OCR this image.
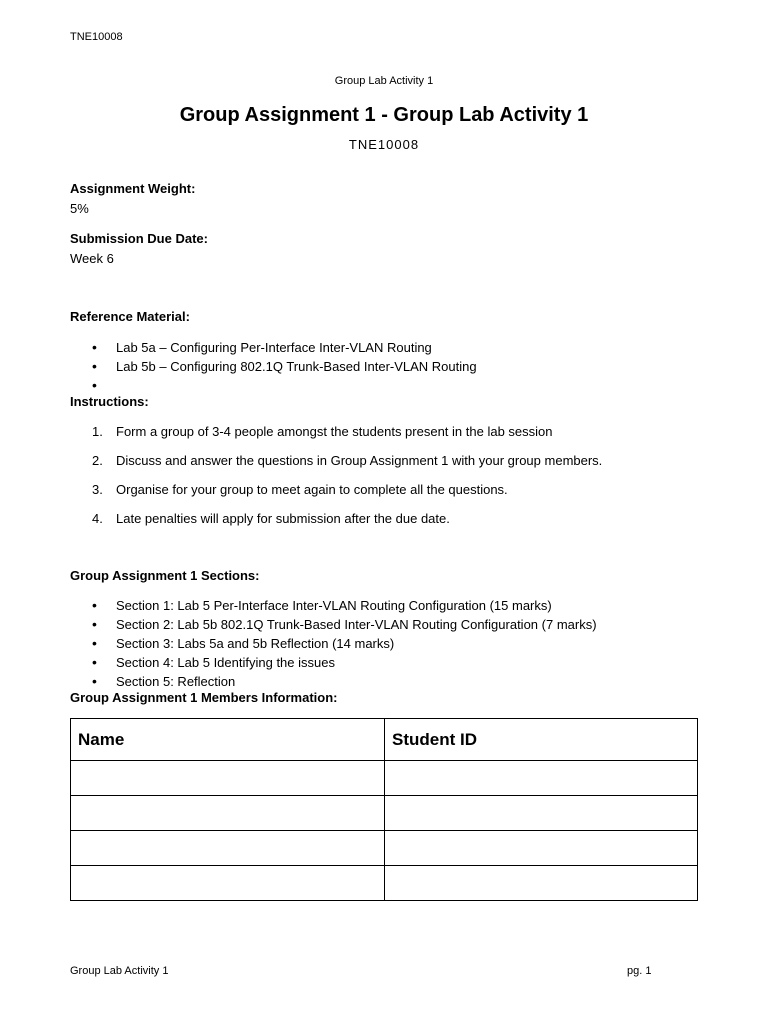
TNE10008
Group Lab Activity 1
Group Assignment 1 - Group Lab Activity 1
TNE10008
Assignment Weight:
5%
Submission Due Date:
Week 6
Reference Material:
• Lab 5a – Configuring Per-Interface Inter-VLAN Routing
• Lab 5b – Configuring 802.1Q Trunk-Based Inter-VLAN Routing
•
Instructions:
1. Form a group of 3-4 people amongst the students present in the lab session
2. Discuss and answer the questions in Group Assignment 1 with your group members.
3. Organise for your group to meet again to complete all the questions.
4. Late penalties will apply for submission after the due date.
Group Assignment 1 Sections:
• Section 1: Lab 5 Per-Interface Inter-VLAN Routing Configuration (15 marks)
• Section 2: Lab 5b 802.1Q Trunk-Based Inter-VLAN Routing Configuration (7 marks)
• Section 3: Labs 5a and 5b Reflection (14 marks)
• Section 4: Lab 5 Identifying the issues
• Section 5: Reflection
Group Assignment 1 Members Information:
Name	Student ID

Group Lab Activity 1	pg. 1
